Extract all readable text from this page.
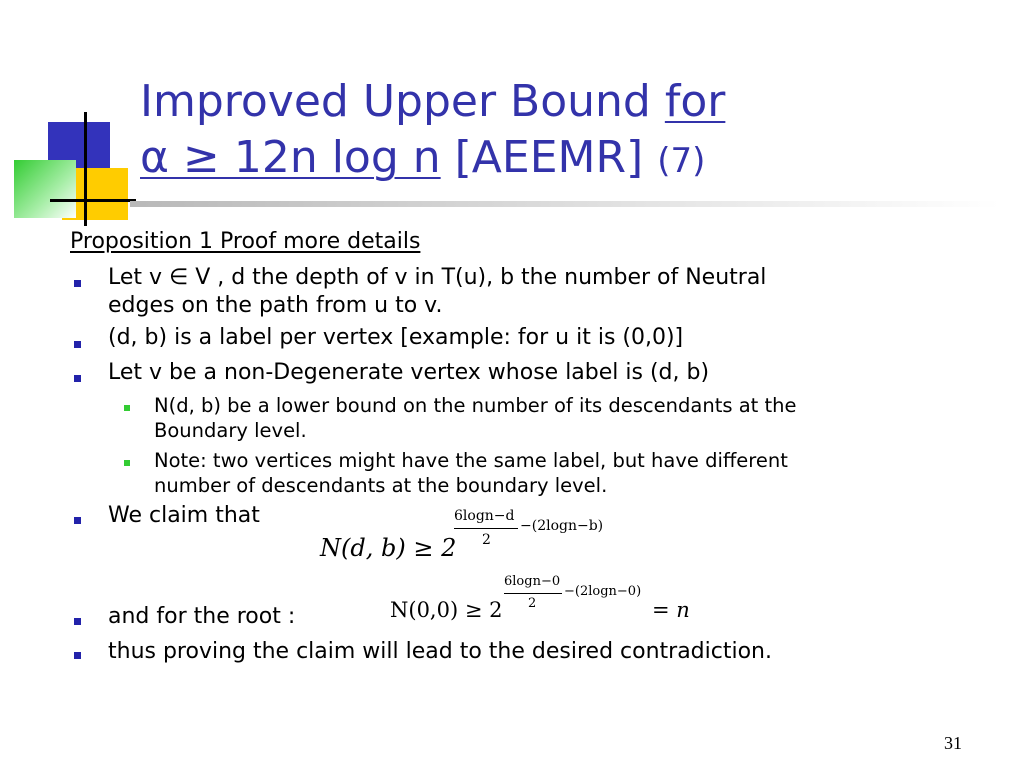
Improved Upper Bound for
α ≥ 12n log n [AEEMR] (7)
Proposition 1 Proof more details
Let v ∈ V , d the depth of v in T(u), b the number of Neutral
edges on the path from u to v.
(d, b) is a label per vertex [example: for u it is (0,0)]
Let v be a non-Degenerate vertex whose label is (d, b)
N(d, b) be a lower bound on the number of its descendants at the
Boundary level.
Note: two vertices might have the same label, but have different
number of descendants at the boundary level.
We claim that
and for the root :
thus proving the claim will lead to the desired contradiction.
N(d, b) ≥ 2
6logn−d
2
−(2logn−b)
N(0,0) ≥ 2
6logn−0
2
−(2logn−0)
= n
31
